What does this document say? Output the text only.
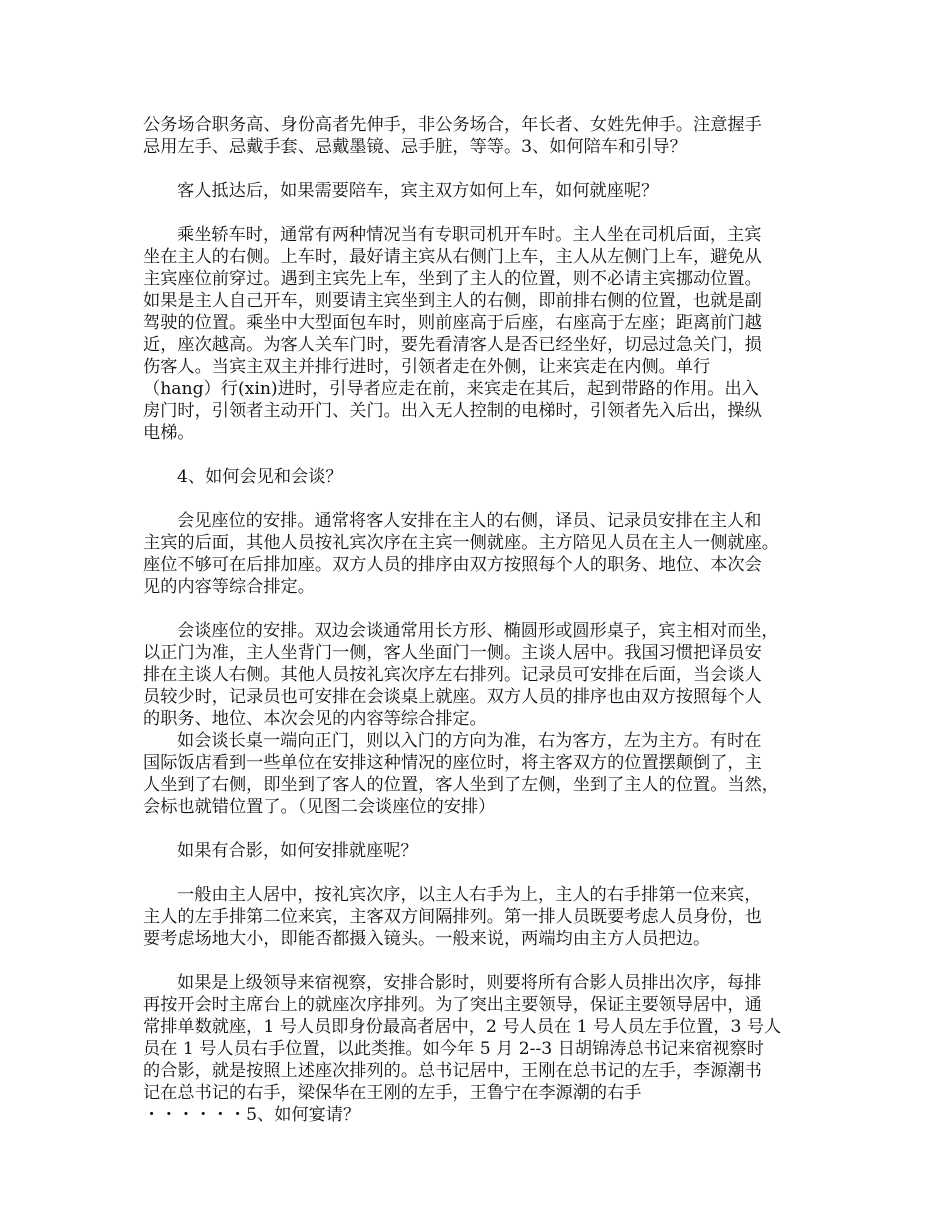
公务场合职务高、身份高者先伸手，非公务场合，年长者、女姓先伸手。注意握手
忌用左手、忌戴手套、忌戴墨镜、忌手脏，等等。3、如何陪车和引导？
客人抵达后，如果需要陪车，宾主双方如何上车，如何就座呢？
乘坐轿车时，通常有两种情况当有专职司机开车时。主人坐在司机后面，主宾
坐在主人的右侧。上车时，最好请主宾从右侧门上车，主人从左侧门上车，避免从
主宾座位前穿过。遇到主宾先上车，坐到了主人的位置，则不必请主宾挪动位置。
如果是主人自己开车，则要请主宾坐到主人的右侧，即前排右侧的位置，也就是副
驾驶的位置。乘坐中大型面包车时，则前座高于后座，右座高于左座；距离前门越
近，座次越高。为客人关车门时，要先看清客人是否已经坐好，切忌过急关门，损
伤客人。当宾主双主并排行进时，引领者走在外侧，让来宾走在内侧。单行
（hang）行(xin)进时，引导者应走在前，来宾走在其后，起到带路的作用。出入
房门时，引领者主动开门、关门。出入无人控制的电梯时，引领者先入后出，操纵
电梯。
4、如何会见和会谈？
会见座位的安排。通常将客人安排在主人的右侧，译员、记录员安排在主人和
主宾的后面，其他人员按礼宾次序在主宾一侧就座。主方陪见人员在主人一侧就座。
座位不够可在后排加座。双方人员的排序由双方按照每个人的职务、地位、本次会
见的内容等综合排定。
会谈座位的安排。双边会谈通常用长方形、椭圆形或圆形桌子，宾主相对而坐，
以正门为准，主人坐背门一侧，客人坐面门一侧。主谈人居中。我国习惯把译员安
排在主谈人右侧。其他人员按礼宾次序左右排列。记录员可安排在后面，当会谈人
员较少时，记录员也可安排在会谈桌上就座。双方人员的排序也由双方按照每个人
的职务、地位、本次会见的内容等综合排定。
如会谈长桌一端向正门，则以入门的方向为准，右为客方，左为主方。有时在
国际饭店看到一些单位在安排这种情况的座位时，将主客双方的位置摆颠倒了，主
人坐到了右侧，即坐到了客人的位置，客人坐到了左侧，坐到了主人的位置。当然，
会标也就错位置了。（见图二会谈座位的安排）
如果有合影，如何安排就座呢？
一般由主人居中，按礼宾次序，以主人右手为上，主人的右手排第一位来宾，
主人的左手排第二位来宾，主客双方间隔排列。第一排人员既要考虑人员身份，也
要考虑场地大小，即能否都摄入镜头。一般来说，两端均由主方人员把边。
如果是上级领导来宿视察，安排合影时，则要将所有合影人员排出次序，每排
再按开会时主席台上的就座次序排列。为了突出主要领导，保证主要领导居中，通
常排单数就座，1 号人员即身份最高者居中，2 号人员在 1 号人员左手位置，3 号人
员在 1 号人员右手位置，以此类推。如今年 5 月 2--3 日胡锦涛总书记来宿视察时
的合影，就是按照上述座次排列的。总书记居中，王刚在总书记的左手，李源潮书
记在总书记的右手，梁保华在王刚的左手，王鲁宁在李源潮的右手
・・・・・・5、如何宴请？
